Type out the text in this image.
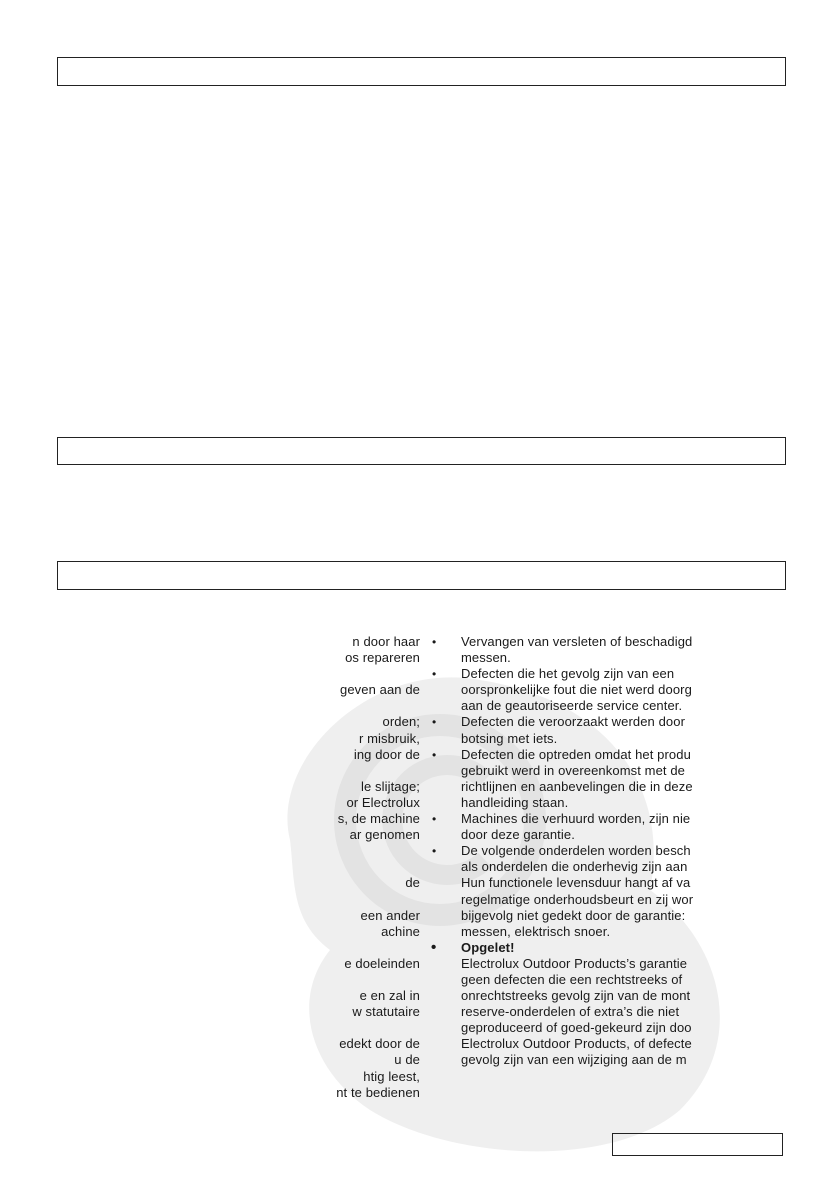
n door haar
os repareren
geven aan de
orden;
r misbruik,
ing door de
le slijtage;
or Electrolux
s, de machine
ar genomen
de
een ander
achine
e doeleinden
e en zal in
w statutaire
edekt door de
u de
htig leest,
nt te bedienen
•	Vervangen van versleten of beschadigd
messen.
•	Defecten die het gevolg zijn van een
oorspronkelijke fout die niet werd doorg
aan de geautoriseerde service center.
•	Defecten die veroorzaakt werden door
botsing met iets.
•	Defecten die optreden omdat het produ
gebruikt werd in overeenkomst met de
richtlijnen en aanbevelingen die in deze
handleiding staan.
•	Machines die verhuurd worden, zijn nie
door deze garantie.
•	De volgende onderdelen worden besch
als onderdelen die onderhevig zijn aan
Hun functionele levensduur hangt af va
regelmatige onderhoudsbeurt en zij wor
bijgevolg niet gedekt door de garantie:
messen, elektrisch snoer.
•	Opgelet!
Electrolux Outdoor Products’s garantie
geen defecten die een rechtstreeks of
onrechtstreeks gevolg zijn van de mont
reserve-onderdelen of extra’s die niet
geproduceerd of goed-gekeurd zijn doo
Electrolux Outdoor Products, of defecte
gevolg zijn van een wijziging aan de m
